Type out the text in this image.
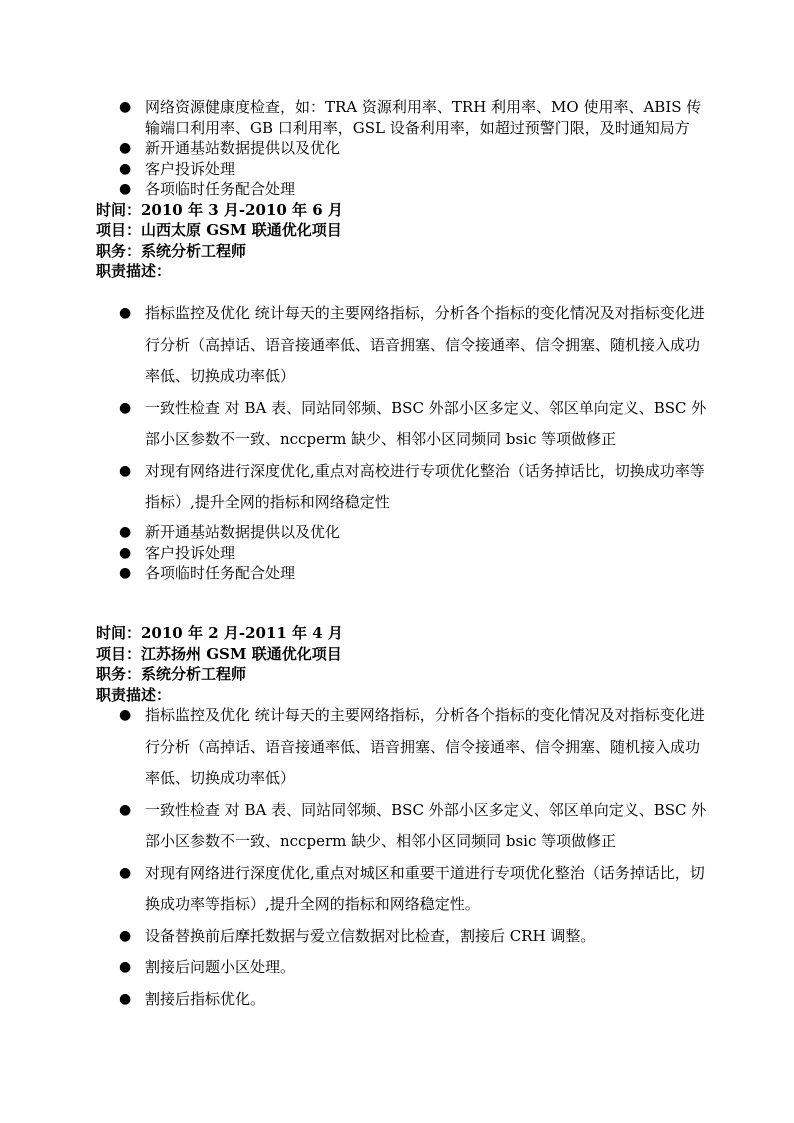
● 网络资源健康度检查，如：TRA 资源利用率、TRH 利用率、MO 使用率、ABIS 传输端口利用率、GB 口利用率，GSL 设备利用率，如超过预警门限，及时通知局方
● 新开通基站数据提供以及优化
● 客户投诉处理
● 各项临时任务配合处理
时间：2010 年 3 月-2010 年 6 月
项目：山西太原 GSM 联通优化项目
职务：系统分析工程师
职责描述：
● 指标监控及优化 统计每天的主要网络指标，分析各个指标的变化情况及对指标变化进行分析（高掉话、语音接通率低、语音拥塞、信令接通率、信令拥塞、随机接入成功率低、切换成功率低）
● 一致性检查 对 BA 表、同站同邻频、BSC 外部小区多定义、邻区单向定义、BSC 外部小区参数不一致、nccperm 缺少、相邻小区同频同 bsic 等项做修正
● 对现有网络进行深度优化,重点对高校进行专项优化整治（话务掉话比，切换成功率等指标）,提升全网的指标和网络稳定性
● 新开通基站数据提供以及优化
● 客户投诉处理
● 各项临时任务配合处理
时间：2010 年 2 月-2011 年 4 月
项目：江苏扬州 GSM 联通优化项目
职务：系统分析工程师
职责描述：
● 指标监控及优化 统计每天的主要网络指标，分析各个指标的变化情况及对指标变化进行分析（高掉话、语音接通率低、语音拥塞、信令接通率、信令拥塞、随机接入成功率低、切换成功率低）
● 一致性检查 对 BA 表、同站同邻频、BSC 外部小区多定义、邻区单向定义、BSC 外部小区参数不一致、nccperm 缺少、相邻小区同频同 bsic 等项做修正
● 对现有网络进行深度优化,重点对城区和重要干道进行专项优化整治（话务掉话比，切换成功率等指标）,提升全网的指标和网络稳定性。
● 设备替换前后摩托数据与爱立信数据对比检查，割接后 CRH 调整。
● 割接后问题小区处理。
● 割接后指标优化。
